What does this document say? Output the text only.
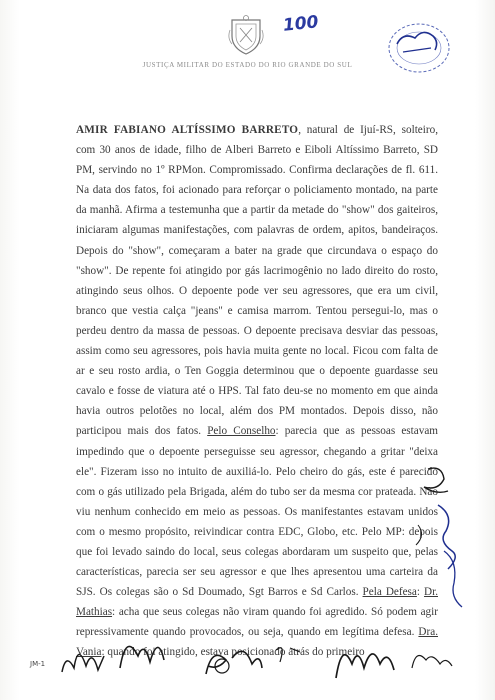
100
JUSTIÇA MILITAR DO ESTADO DO RIO GRANDE DO SUL

AMIR FABIANO ALTÍSSIMO BARRETO, natural de Ijuí-RS, solteiro, com 30 anos de idade, filho de Alberi Barreto e Eiboli Altíssimo Barreto, SD PM, servindo no 1º RPMon. Compromissado. Confirma declarações de fl. 611. Na data dos fatos, foi acionado para reforçar o policiamento montado, na parte da manhã. Afirma a testemunha que a partir da metade do "show" dos gaiteiros, iniciaram algumas manifestações, com palavras de ordem, apitos, bandeiraços. Depois do "show", começaram a bater na grade que circundava o espaço do "show". De repente foi atingido por gás lacrimogênio no lado direito do rosto, atingindo seus olhos. O depoente pode ver seu agressores, que era um civil, branco que vestia calça "jeans" e camisa marrom. Tentou persegui-lo, mas o perdeu dentro da massa de pessoas. O depoente precisava desviar das pessoas, assim como seu agressores, pois havia muita gente no local. Ficou com falta de ar e seu rosto ardia, o Ten Goggia determinou que o depoente guardasse seu cavalo e fosse de viatura até o HPS. Tal fato deu-se no momento em que ainda havia outros pelotões no local, além dos PM montados. Depois disso, não participou mais dos fatos. Pelo Conselho: parecia que as pessoas estavam impedindo que o depoente perseguisse seu agressor, chegando a gritar "deixa ele". Fizeram isso no intuito de auxiliá-lo. Pelo cheiro do gás, este é parecido com o gás utilizado pela Brigada, além do tubo ser da mesma cor prateada. Não viu nenhum conhecido em meio as pessoas. Os manifestantes estavam unidos com o mesmo propósito, reivindicar contra EDC, Globo, etc. Pelo MP: depois que foi levado saindo do local, seus colegas abordaram um suspeito que, pelas características, parecia ser seu agressor e que lhes apresentou uma carteira da SJS. Os colegas são o Sd Doumado, Sgt Barros e Sd Carlos. Pela Defesa: Dr. Mathias: acha que seus colegas não viram quando foi agredido. Só podem agir repressivamente quando provocados, ou seja, quando em legítima defesa. Dra. Vania: quando foi atingido, estava posicionado atrás do primeiro

JM-1
